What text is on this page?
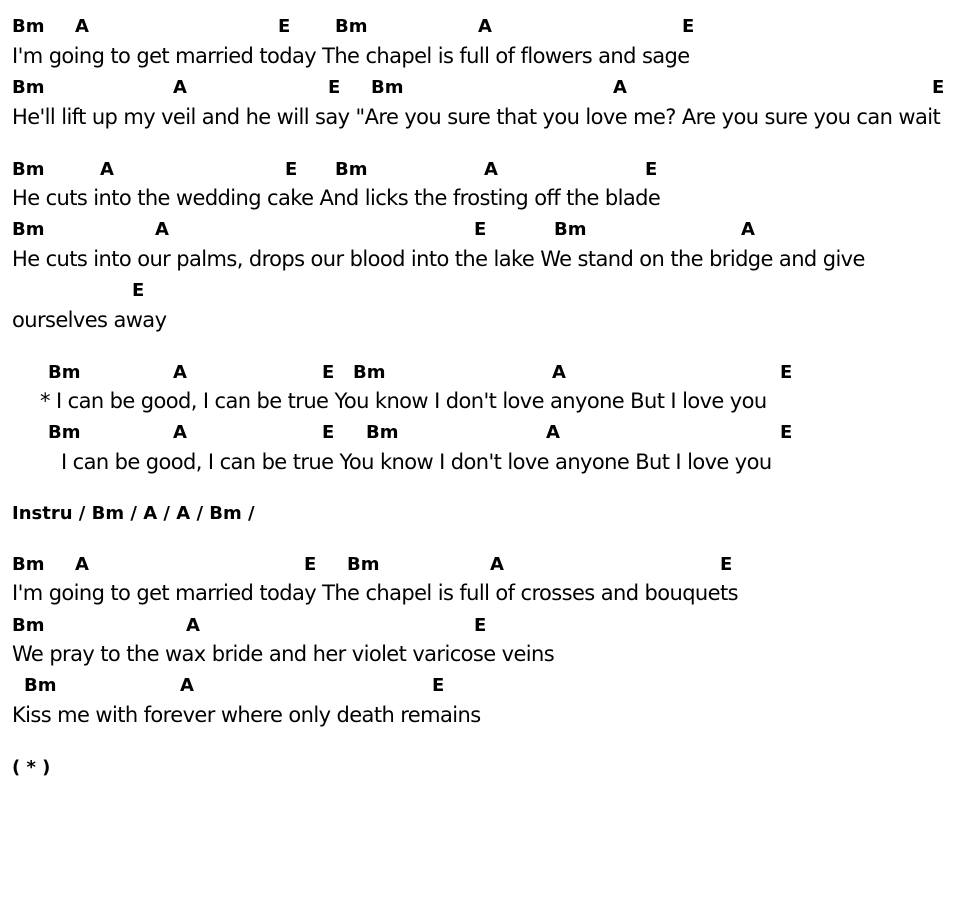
Bm A	E Bm	A	E
I'm going to get married today The chapel is full of flowers and sage
Bm	A	E Bm	A	E
He'll lift up my veil and he will say "Are you sure that you love me? Are you sure you can wait
Bm	A	E Bm	A	E
He cuts into the wedding cake And licks the frosting off the blade
Bm	A	E	Bm	A
He cuts into our palms, drops our blood into the lake We stand on the bridge and give
E
ourselves away
Bm	A	E Bm	A	E
* I can be good, I can be true You know I don't love anyone But I love you
Bm	A	E Bm	A	E
I can be good, I can be true You know I don't love anyone But I love you
Instru / Bm / A / A / Bm /
Bm A	E Bm	A	E
I'm going to get married today The chapel is full of crosses and bouquets
Bm	A	E
We pray to the wax bride and her violet varicose veins
Bm	A	E
Kiss me with forever where only death remains
( * )
